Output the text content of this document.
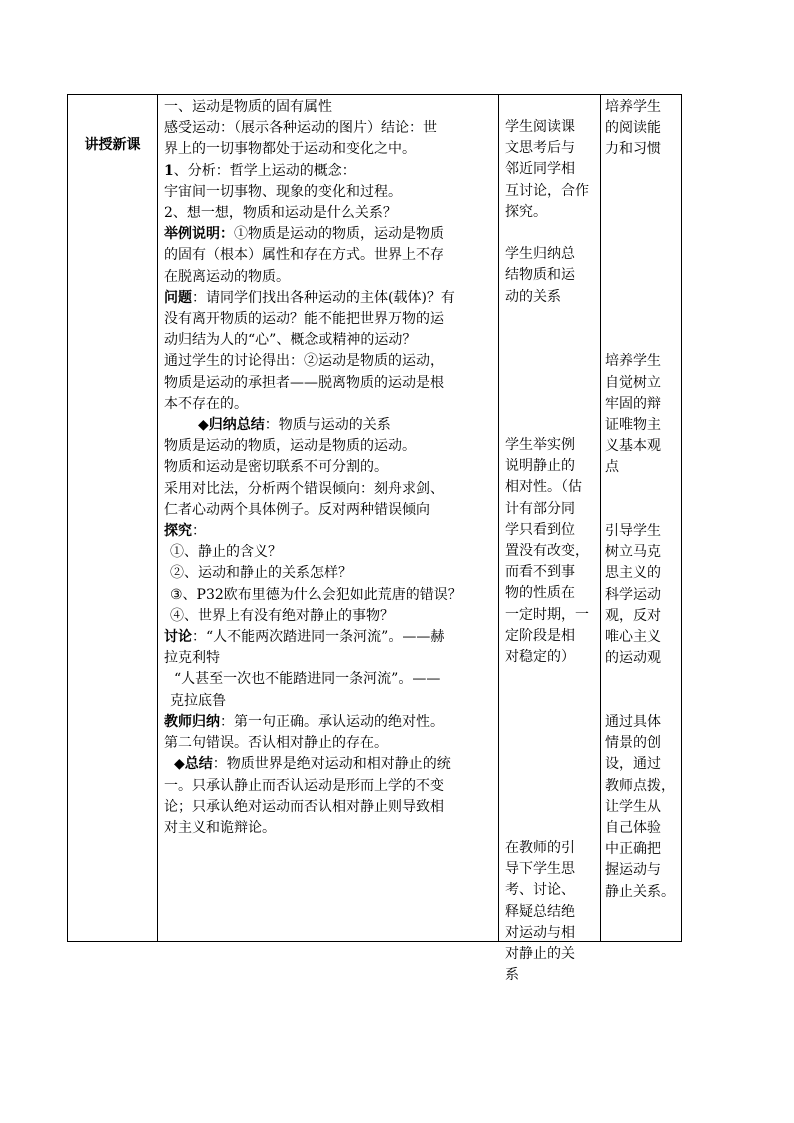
讲授新课
一、运动是物质的固有属性
感受运动：（展示各种运动的图片）结论：世
界上的一切事物都处于运动和变化之中。
1、分析：哲学上运动的概念：
宇宙间一切事物、现象的变化和过程。
2、想一想，物质和运动是什么关系？
举例说明：①物质是运动的物质，运动是物质
的固有（根本）属性和存在方式。世界上不存
在脱离运动的物质。
问题：请同学们找出各种运动的主体(载体)？有
没有离开物质的运动？能不能把世界万物的运
动归结为人的“心”、概念或精神的运动？
通过学生的讨论得出：②运动是物质的运动，
物质是运动的承担者——脱离物质的运动是根
本不存在的。
◆归纳总结：物质与运动的关系
物质是运动的物质，运动是物质的运动。
物质和运动是密切联系不可分割的。
采用对比法，分析两个错误倾向：刻舟求剑、
仁者心动两个具体例子。反对两种错误倾向
探究：
①、静止的含义？
②、运动和静止的关系怎样？
③、P32欧布里德为什么会犯如此荒唐的错误？
④、世界上有没有绝对静止的事物？
讨论：“人不能两次踏进同一条河流”。——赫
拉克利特
“人甚至一次也不能踏进同一条河流”。——
克拉底鲁
教师归纳：第一句正确。承认运动的绝对性。
第二句错误。否认相对静止的存在。
◆总结：物质世界是绝对运动和相对静止的统
一。只承认静止而否认运动是形而上学的不变
论；只承认绝对运动而否认相对静止则导致相
对主义和诡辩论。
学生阅读课
文思考后与
邻近同学相
互讨论，合作
探究。

学生归纳总
结物质和运
动的关系

学生举实例
说明静止的
相对性。（估
计有部分同
学只看到位
置没有改变，
而看不到事
物的性质在
一定时期，一
定阶段是相
对稳定的）

在教师的引
导下学生思
考、讨论、
释疑总结绝
对运动与相
对静止的关
系
培养学生
的阅读能
力和习惯

培养学生
自觉树立
牢固的辩
证唯物主
义基本观
点

引导学生
树立马克
思主义的
科学运动
观，反对
唯心主义
的运动观

通过具体
情景的创
设，通过
教师点拨，
让学生从
自己体验
中正确把
握运动与
静止关系。
